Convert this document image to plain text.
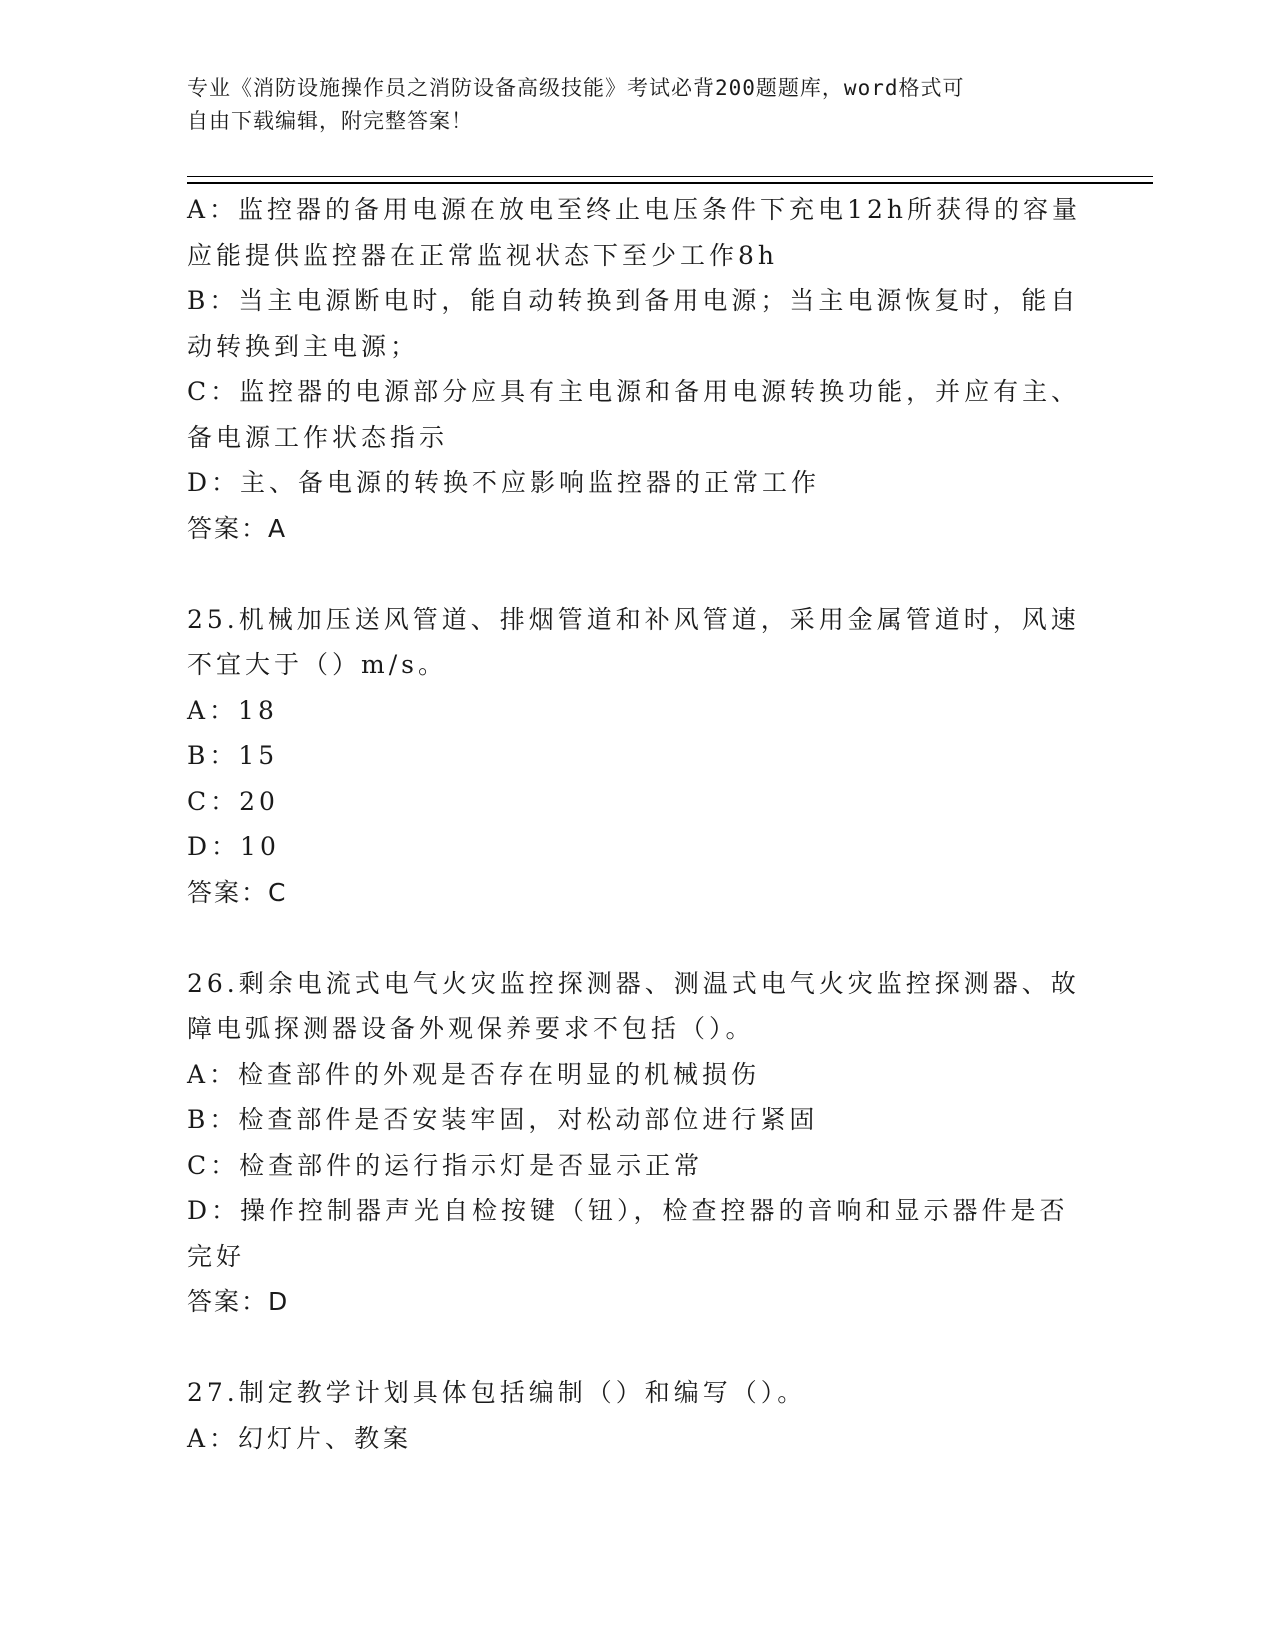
专业《消防设施操作员之消防设备高级技能》考试必背200题题库，word格式可
自由下载编辑，附完整答案！
A：监控器的备用电源在放电至终止电压条件下充电12h所获得的容量
应能提供监控器在正常监视状态下至少工作8h
B：当主电源断电时，能自动转换到备用电源；当主电源恢复时，能自
动转换到主电源；
C：监控器的电源部分应具有主电源和备用电源转换功能，并应有主、
备电源工作状态指示
D：主、备电源的转换不应影响监控器的正常工作
答案：A
25.机械加压送风管道、排烟管道和补风管道，采用金属管道时，风速
不宜大于（）m/s。
A：18
B：15
C：20
D：10
答案：C
26.剩余电流式电气火灾监控探测器、测温式电气火灾监控探测器、故
障电弧探测器设备外观保养要求不包括（）。
A：检查部件的外观是否存在明显的机械损伤
B：检查部件是否安装牢固，对松动部位进行紧固
C：检查部件的运行指示灯是否显示正常
D：操作控制器声光自检按键（钮），检查控器的音响和显示器件是否
完好
答案：D
27.制定教学计划具体包括编制（）和编写（）。
A：幻灯片、教案
